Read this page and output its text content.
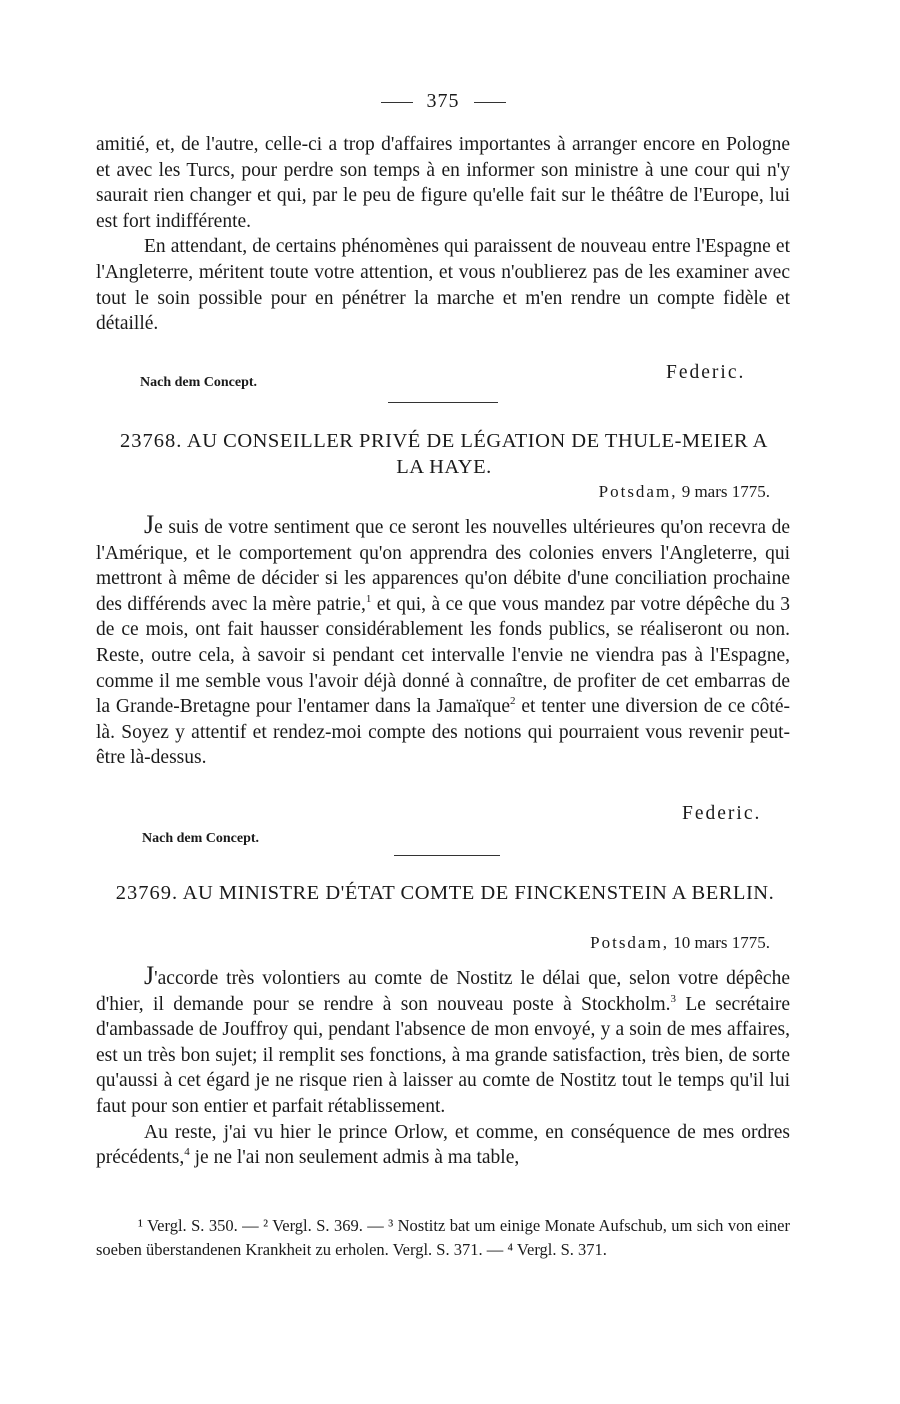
375

amitié, et, de l'autre, celle-ci a trop d'affaires importantes à arranger encore en Pologne et avec les Turcs, pour perdre son temps à en informer son ministre à une cour qui n'y saurait rien changer et qui, par le peu de figure qu'elle fait sur le théâtre de l'Europe, lui est fort indifférente.

En attendant, de certains phénomènes qui paraissent de nouveau entre l'Espagne et l'Angleterre, méritent toute votre attention, et vous n'oublierez pas de les examiner avec tout le soin possible pour en pénétrer la marche et m'en rendre un compte fidèle et détaillé.

Nach dem Concept.	Federic.
23768. AU CONSEILLER PRIVÉ DE LÉGATION DE THULE-MEIER A LA HAYE.
Potsdam, 9 mars 1775.

Je suis de votre sentiment que ce seront les nouvelles ultérieures qu'on recevra de l'Amérique, et le comportement qu'on apprendra des colonies envers l'Angleterre, qui mettront à même de décider si les apparences qu'on débite d'une conciliation prochaine des différends avec la mère patrie,$^1$ et qui, à ce que vous mandez par votre dépêche du 3 de ce mois, ont fait hausser considérablement les fonds publics, se réaliseront ou non. Reste, outre cela, à savoir si pendant cet intervalle l'envie ne viendra pas à l'Espagne, comme il me semble vous l'avoir déjà donné à connaître, de profiter de cet embarras de la Grande-Bretagne pour l'entamer dans la Jamaïque$^2$ et tenter une diversion de ce côté-là. Soyez y attentif et rendez-moi compte des notions qui pourraient vous revenir peut-être là-dessus.

Federic.
Nach dem Concept.
23769. AU MINISTRE D'ÉTAT COMTE DE FINCKENSTEIN A BERLIN.
Potsdam, 10 mars 1775.

J'accorde très volontiers au comte de Nostitz le délai que, selon votre dépêche d'hier, il demande pour se rendre à son nouveau poste à Stockholm.$^3$ Le secrétaire d'ambassade de Jouffroy qui, pendant l'absence de mon envoyé, y a soin de mes affaires, est un très bon sujet; il remplit ses fonctions, à ma grande satisfaction, très bien, de sorte qu'aussi à cet égard je ne risque rien à laisser au comte de Nostitz tout le temps qu'il lui faut pour son entier et parfait rétablissement.

Au reste, j'ai vu hier le prince Orlow, et comme, en conséquence de mes ordres précédents,$^4$ je ne l'ai non seulement admis à ma table,

¹ Vergl. S. 350. — ² Vergl. S. 369. — ³ Nostitz bat um einige Monate Aufschub, um sich von einer soeben überstandenen Krankheit zu erholen. Vergl. S. 371. — ⁴ Vergl. S. 371.
